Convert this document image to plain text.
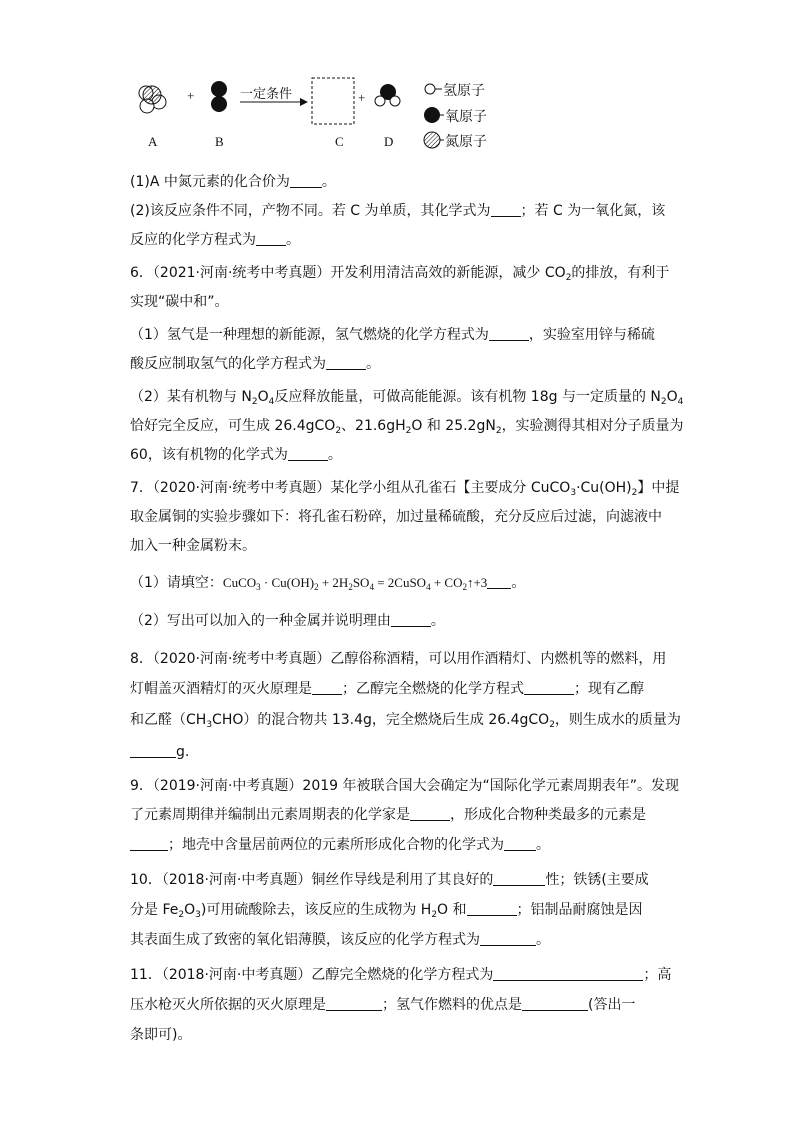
+	+
一定条件	氢原子
氧原子
氮原子
A	B	C	D
(1)A 中氮元素的化合价为 。
(2)该反应条件不同，产物不同。若 C 为单质，其化学式为 ；若 C 为一氧化氮，该
反应的化学方程式为 。
6．（2021·河南·统考中考真题）开发利用清洁高效的新能源，减少 $CO_2$的排放，有利于
实现“碳中和”。
（1）氢气是一种理想的新能源，氢气燃烧的化学方程式为	，实验室用锌与稀硫
酸反应制取氢气的化学方程式为	。
（2）某有机物与 $N_2O_4$反应释放能量，可做高能能源。该有机物 18g 与一定质量的 $N_2O_4$
恰好完全反应，可生成 26.4gCO$_2$、$21.6gH_2O$ 和 $25.2gN_2$，实验测得其相对分子质量为
60，该有机物的化学式为	。
7．（2020·河南·统考中考真题）某化学小组从孔雀石【主要成分 $CuCO_3\cdot Cu(OH)_2$】中提
取金属铜的实验步骤如下：将孔雀石粉碎，加过量稀硫酸，充分反应后过滤，向滤液中
加入一种金属粉末。
（1）请填空：CuCO$_3$ · $Cu(OH)_2 + 2H_2SO_4$ = 2CuSO$_4$ + $CO_2↑+3$ 。
（2）写出可以加入的一种金属并说明理由	。
8．（2020·河南·统考中考真题）乙醇俗称酒精，可以用作酒精灯、内燃机等的燃料，用
灯帽盖灭酒精灯的灭火原理是 ；乙醇完全燃烧的化学方程式	；现有乙醇
和乙醛$(CH_3CHO)$的混合物共 13.4g，完全燃烧后生成 26.4gCO$_2$，则生成水的质量为
g.
9．（2019·河南·中考真题）2019 年被联合国大会确定为“国际化学元素周期表年”。发现
了元素周期律并编制出元素周期表的化学家是	，形成化合物种类最多的元素是
；地壳中含量居前两位的元素所形成化合物的化学式为 。
10．（2018·河南·中考真题）铜丝作导线是利用了其良好的	性；铁锈(主要成
分是 $Fe_2O_3$)可用硫酸除去，该反应的生成物为 $H_2O$ 和	；铝制品耐腐蚀是因
其表面生成了致密的氧化铝薄膜，该反应的化学方程式为	。
11．（2018·河南·中考真题）乙醇完全燃烧的化学方程式为	；高
压水枪灭火所依据的灭火原理是	；氢气作燃料的优点是	(答出一
条即可)。
